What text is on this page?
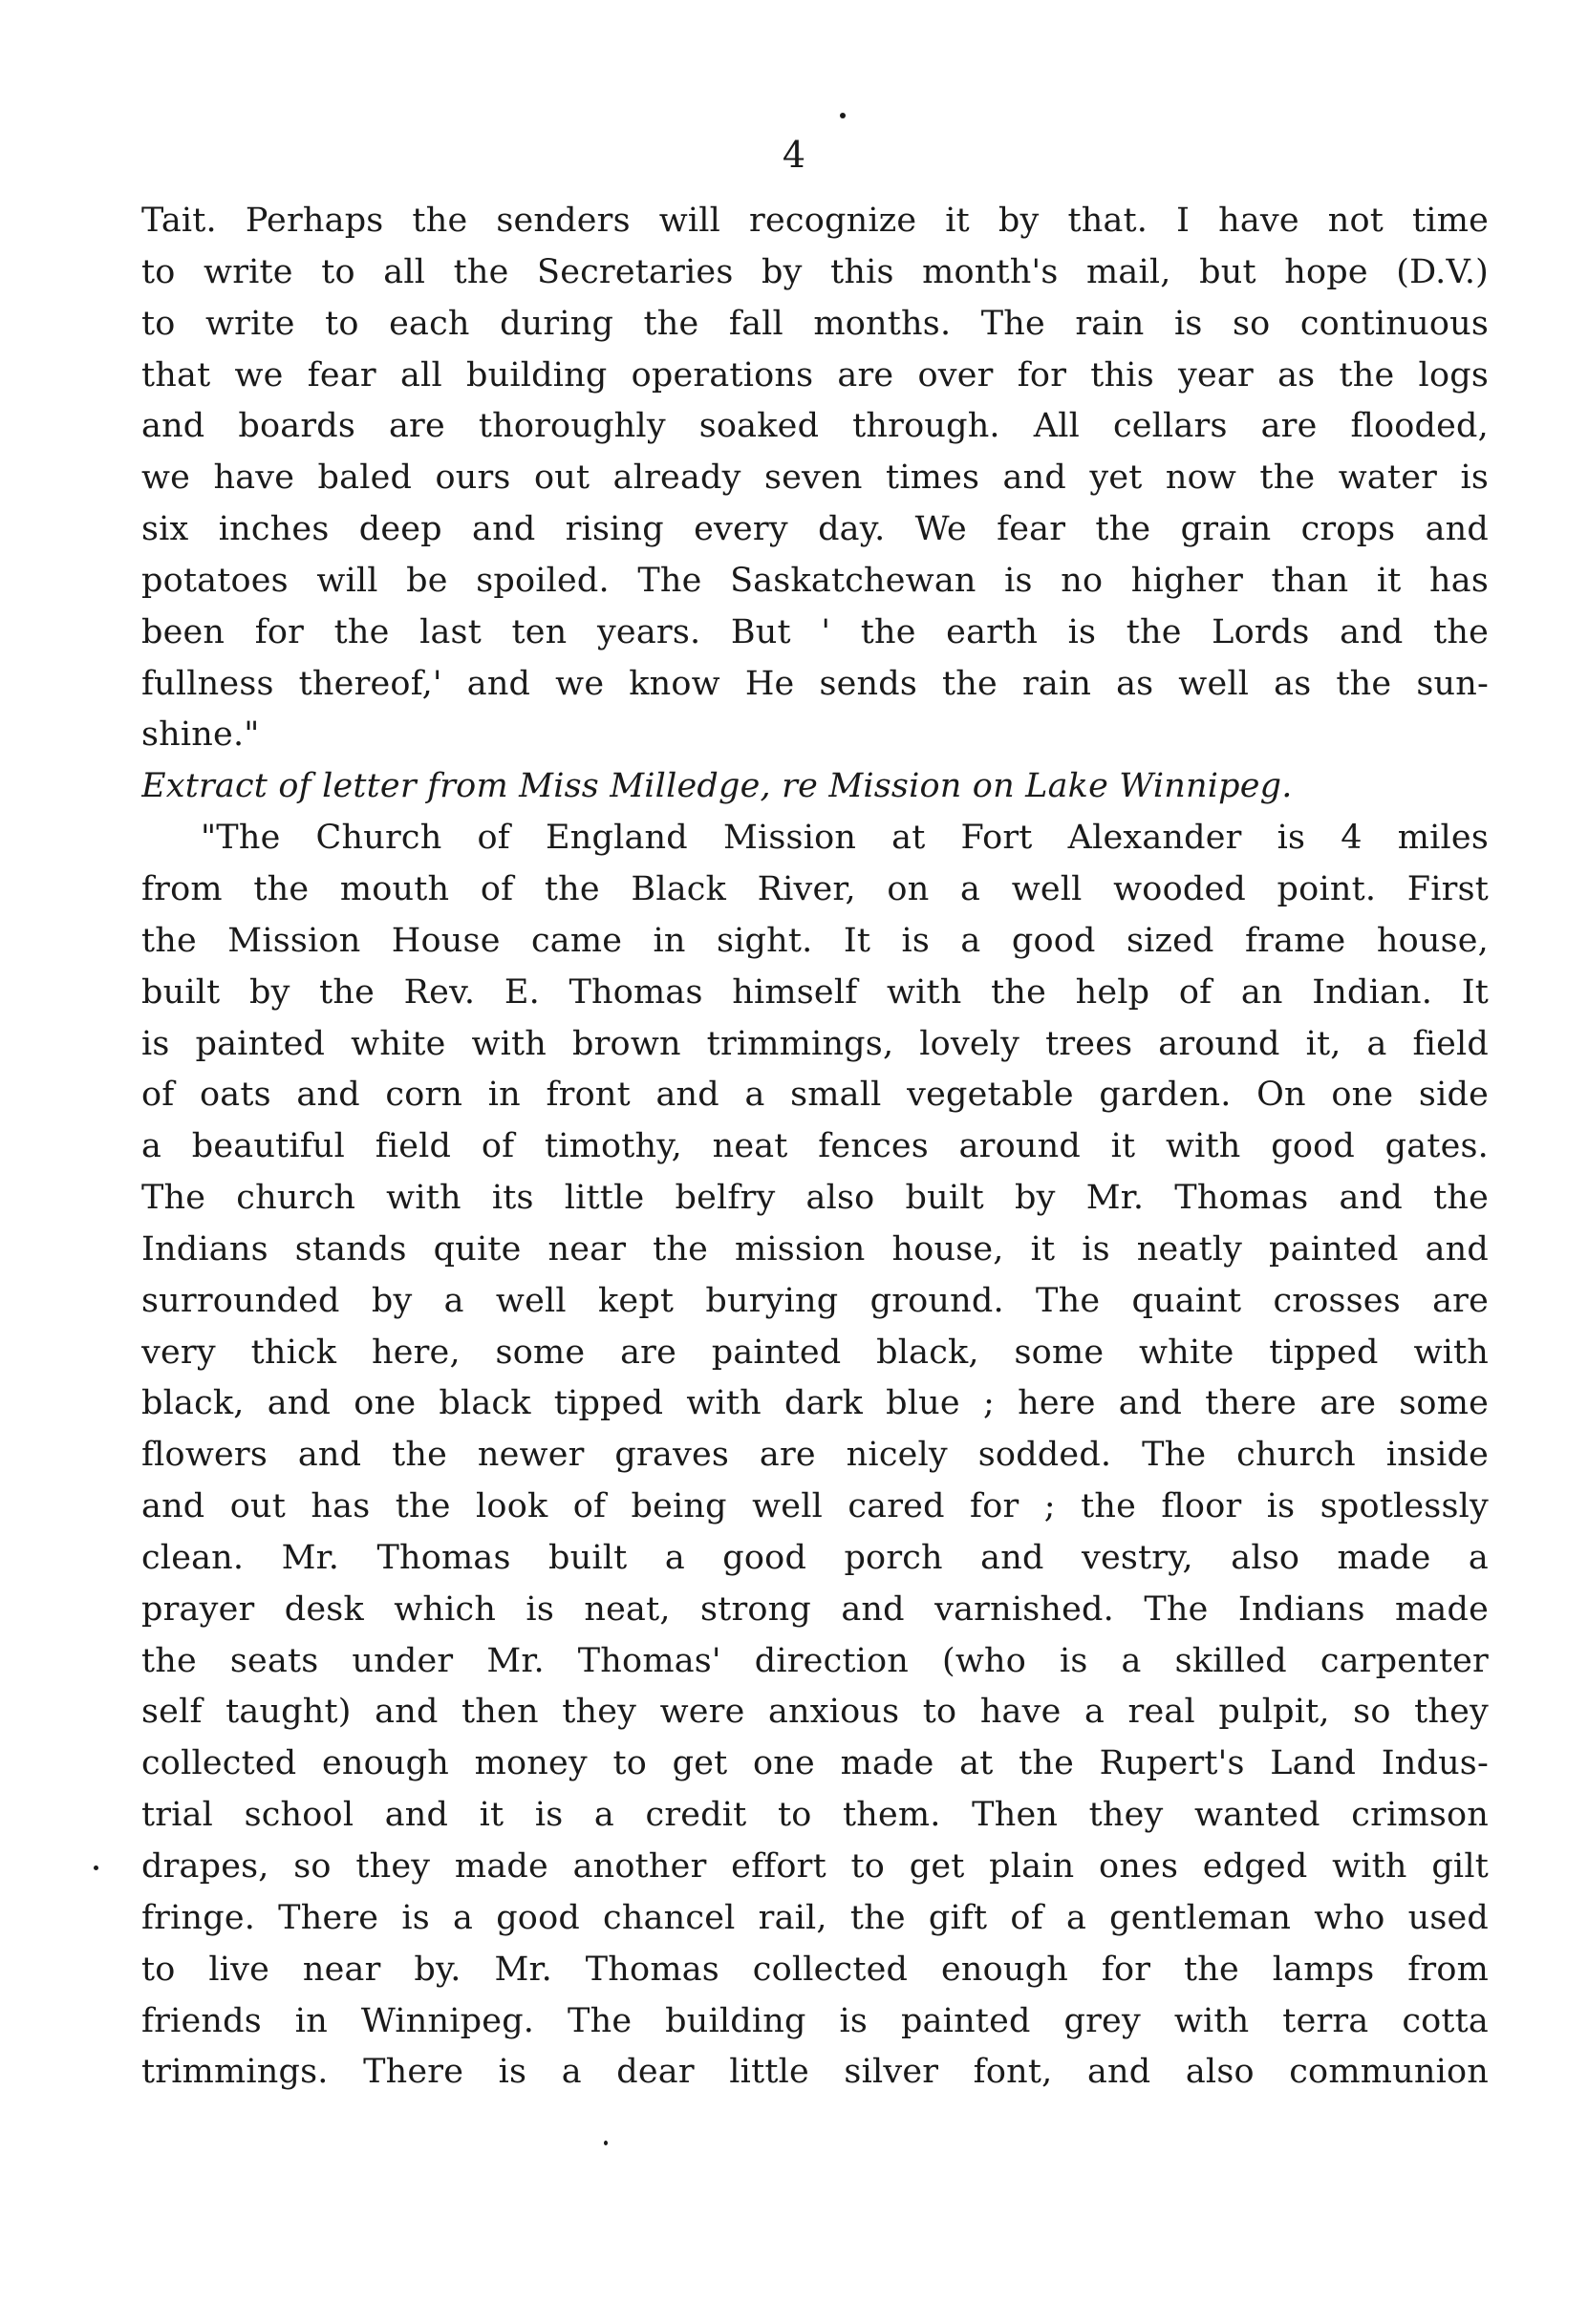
4
Tait. Perhaps the senders will recognize it by that. I have not time
to write to all the Secretaries by this month's mail, but hope (D.V.)
to write to each during the fall months. The rain is so continuous
that we fear all building operations are over for this year as the logs
and boards are thoroughly soaked through. All cellars are flooded,
we have baled ours out already seven times and yet now the water is
six inches deep and rising every day. We fear the grain crops and
potatoes will be spoiled. The Saskatchewan is no higher than it has
been for the last ten years. But ' the earth is the Lords and the
fullness thereof,' and we know He sends the rain as well as the sun-
shine."
Extract of letter from Miss Milledge, re Mission on Lake Winnipeg.
"The Church of England Mission at Fort Alexander is 4 miles
from the mouth of the Black River, on a well wooded point. First
the Mission House came in sight. It is a good sized frame house,
built by the Rev. E. Thomas himself with the help of an Indian. It
is painted white with brown trimmings, lovely trees around it, a field
of oats and corn in front and a small vegetable garden. On one side
a beautiful field of timothy, neat fences around it with good gates.
The church with its little belfry also built by Mr. Thomas and the
Indians stands quite near the mission house, it is neatly painted and
surrounded by a well kept burying ground. The quaint crosses are
very thick here, some are painted black, some white tipped with
black, and one black tipped with dark blue ; here and there are some
flowers and the newer graves are nicely sodded. The church inside
and out has the look of being well cared for ; the floor is spotlessly
clean. Mr. Thomas built a good porch and vestry, also made a
prayer desk which is neat, strong and varnished. The Indians made
the seats under Mr. Thomas' direction (who is a skilled carpenter
self taught) and then they were anxious to have a real pulpit, so they
collected enough money to get one made at the Rupert's Land Indus-
trial school and it is a credit to them. Then they wanted crimson
drapes, so they made another effort to get plain ones edged with gilt
fringe. There is a good chancel rail, the gift of a gentleman who used
to live near by. Mr. Thomas collected enough for the lamps from
friends in Winnipeg. The building is painted grey with terra cotta
trimmings. There is a dear little silver font, and also communion
